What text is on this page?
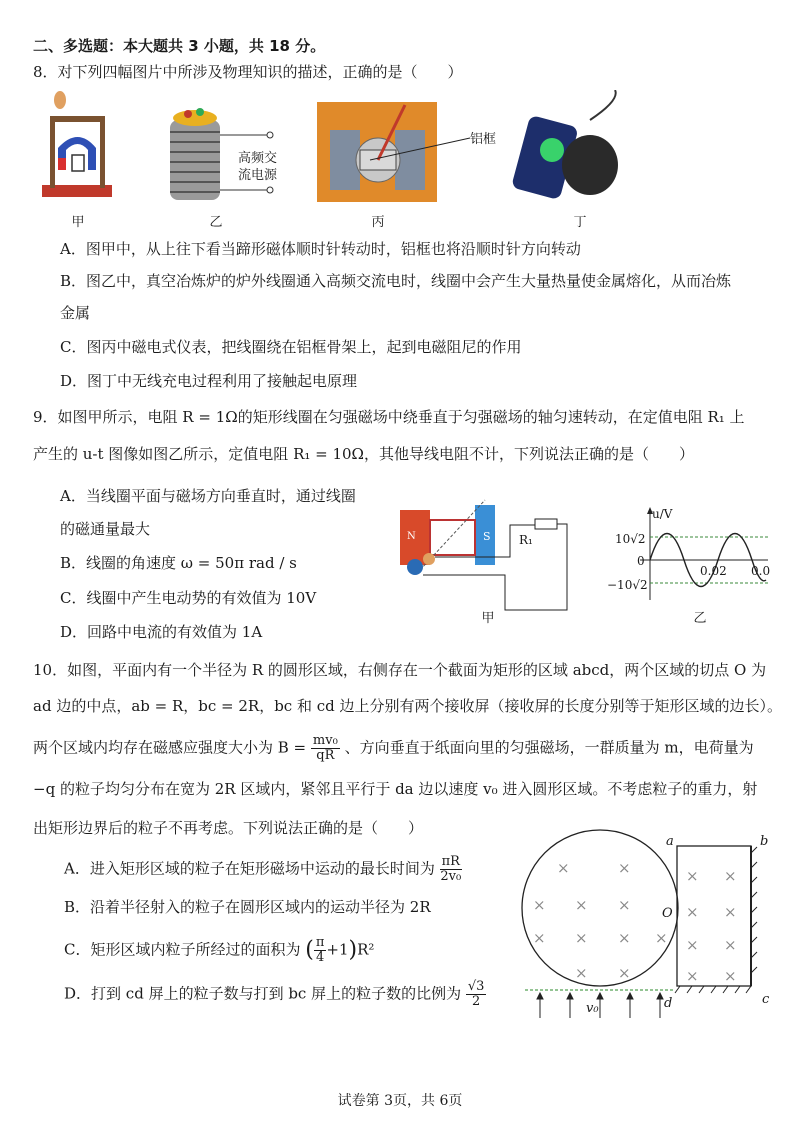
二、多选题：本大题共 3 小题，共 18 分。
8．对下列四幅图片中所涉及物理知识的描述，正确的是（　　）
高频交
流电源
铝框
甲	乙	丙	丁
A．图甲中，从上往下看当蹄形磁体顺时针转动时，铝框也将沿顺时针方向转动
B．图乙中，真空冶炼炉的炉外线圈通入高频交流电时，线圈中会产生大量热量使金属熔化，从而冶炼
金属
C．图丙中磁电式仪表，把线圈绕在铝框骨架上，起到电磁阻尼的作用
D．图丁中无线充电过程利用了接触起电原理
9．如图甲所示，电阻 R = 1Ω的矩形线圈在匀强磁场中绕垂直于匀强磁场的轴匀速转动，在定值电阻 R₁ 上
产生的 u-t 图像如图乙所示，定值电阻 R₁ = 10Ω，其他导线电阻不计，下列说法正确的是（　　）
A．当线圈平面与磁场方向垂直时，通过线圈
的磁通量最大
B．线圈的角速度 ω = 50π rad / s
C．线圈中产生电动势的有效值为 10V
D．回路中电流的有效值为 1A
R₁
N	S
甲
u/V
10√2
0
−10√2
0.02 0.0
乙
10．如图，平面内有一个半径为 R 的圆形区域，右侧存在一个截面为矩形的区域 abcd，两个区域的切点 O 为
ad 边的中点，ab = R，bc = 2R，bc 和 cd 边上分别有两个接收屏（接收屏的长度分别等于矩形区域的边长）。
两个区域内均存在磁感应强度大小为 $B = \frac{\text{mv₀}}{qR}$ 、方向垂直于纸面向里的匀强磁场，一群质量为 m，电荷量为
−q 的粒子均匀分布在宽为 2R 区域内，紧邻且平行于 da 边以速度 v₀ 进入圆形区域。不考虑粒子的重力，射
出矩形边界后的粒子不再考虑。下列说法正确的是（　　）
A．进入矩形区域的粒子在矩形磁场中运动的最长时间为 $\frac{\pi R}{\text{2v₀}}$
B．沿着半径射入的粒子在圆形区域内的运动半径为 2R
C．矩形区域内粒子所经过的面积为 ( $\frac{\pi}{4} +1)R^2$
D．打到 cd 屏上的粒子数与打到 bc 屏上的粒子数的比例为 $\frac{√3}{2}$
×	×
× × ×
× × × ×
× ×
× ×
× ×
× ×
× ×
a	b
c
d
O
v₀
试卷第 3页，共 6页
